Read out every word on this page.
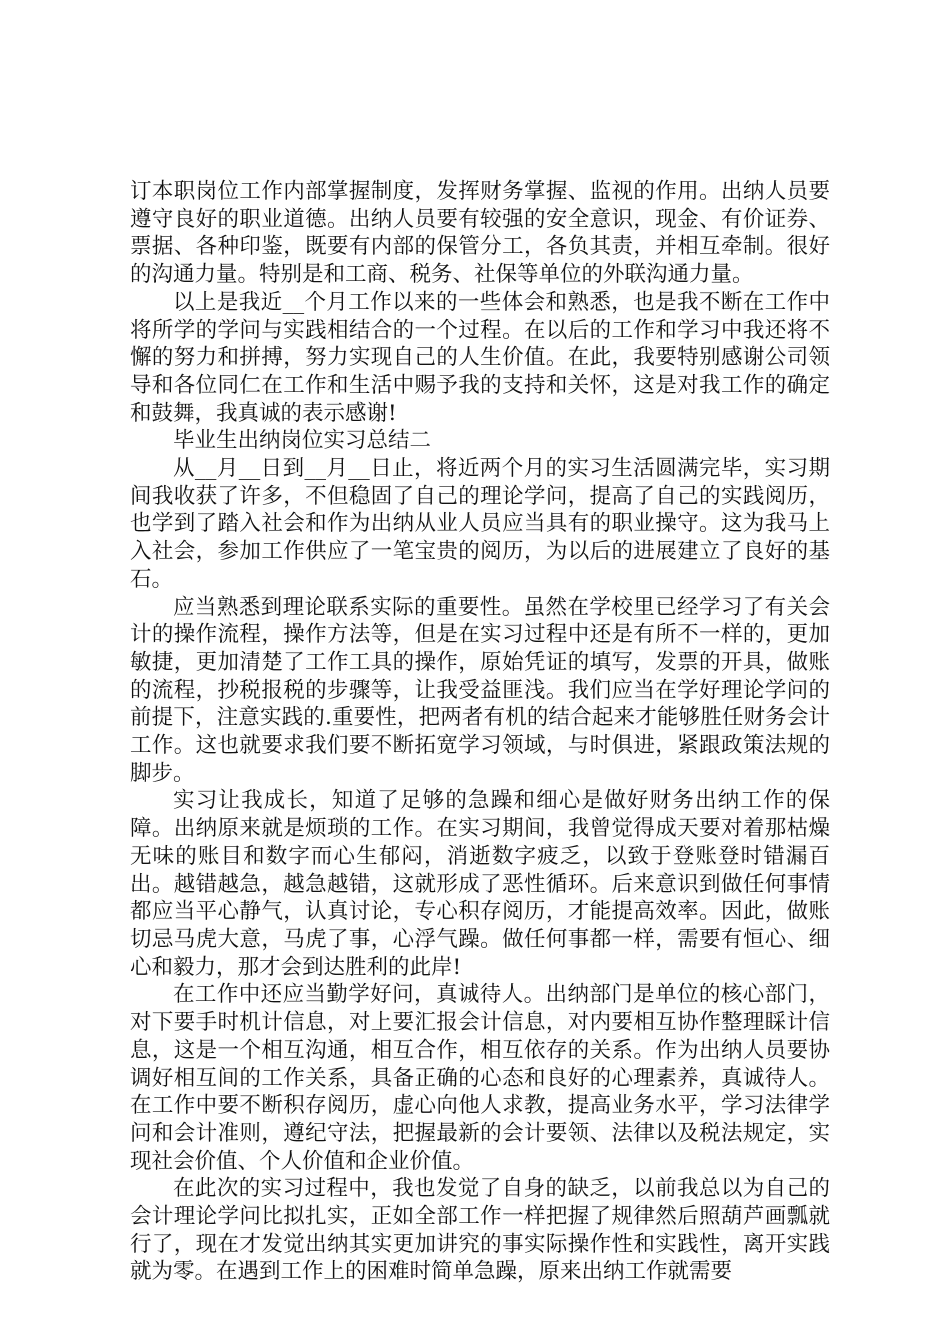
订本职岗位工作内部掌握制度，发挥财务掌握、监视的作用。出纳人员要遵守良好的职业道德。出纳人员要有较强的安全意识，现金、有价证券、票据、各种印鉴，既要有内部的保管分工，各负其责，并相互牵制。很好的沟通力量。特别是和工商、税务、社保等单位的外联沟通力量。

以上是我近__个月工作以来的一些体会和熟悉，也是我不断在工作中将所学的学问与实践相结合的一个过程。在以后的工作和学习中我还将不懈的努力和拼搏，努力实现自己的人生价值。在此，我要特别感谢公司领导和各位同仁在工作和生活中赐予我的支持和关怀，这是对我工作的确定和鼓舞，我真诚的表示感谢!

毕业生出纳岗位实习总结二

从__月__日到__月__日止，将近两个月的实习生活圆满完毕，实习期间我收获了许多，不但稳固了自己的理论学问，提高了自己的实践阅历，也学到了踏入社会和作为出纳从业人员应当具有的职业操守。这为我马上入社会，参加工作供应了一笔宝贵的阅历，为以后的进展建立了良好的基石。

应当熟悉到理论联系实际的重要性。虽然在学校里已经学习了有关会计的操作流程，操作方法等，但是在实习过程中还是有所不一样的，更加敏捷，更加清楚了工作工具的操作，原始凭证的填写，发票的开具，做账的流程，抄税报税的步骤等，让我受益匪浅。我们应当在学好理论学问的前提下，注意实践的.重要性，把两者有机的结合起来才能够胜任财务会计工作。这也就要求我们要不断拓宽学习领域，与时俱进，紧跟政策法规的脚步。

实习让我成长，知道了足够的急躁和细心是做好财务出纳工作的保障。出纳原来就是烦琐的工作。在实习期间，我曾觉得成天要对着那枯燥无味的账目和数字而心生郁闷，消逝数字疲乏，以致于登账登时错漏百出。越错越急，越急越错，这就形成了恶性循环。后来意识到做任何事情都应当平心静气，认真讨论，专心积存阅历，才能提高效率。因此，做账切忌马虎大意，马虎了事，心浮气躁。做任何事都一样，需要有恒心、细心和毅力，那才会到达胜利的此岸!

在工作中还应当勤学好问，真诚待人。出纳部门是单位的核心部门，对下要手时机计信息，对上要汇报会计信息，对内要相互协作整理睬计信息，这是一个相互沟通，相互合作，相互依存的关系。作为出纳人员要协调好相互间的工作关系，具备正确的心态和良好的心理素养，真诚待人。在工作中要不断积存阅历，虚心向他人求教，提高业务水平，学习法律学问和会计准则，遵纪守法，把握最新的会计要领、法律以及税法规定，实现社会价值、个人价值和企业价值。

在此次的实习过程中，我也发觉了自身的缺乏，以前我总以为自己的会计理论学问比拟扎实，正如全部工作一样把握了规律然后照葫芦画瓢就行了，现在才发觉出纳其实更加讲究的事实际操作性和实践性，离开实践就为零。在遇到工作上的困难时简单急躁，原来出纳工作就需要
